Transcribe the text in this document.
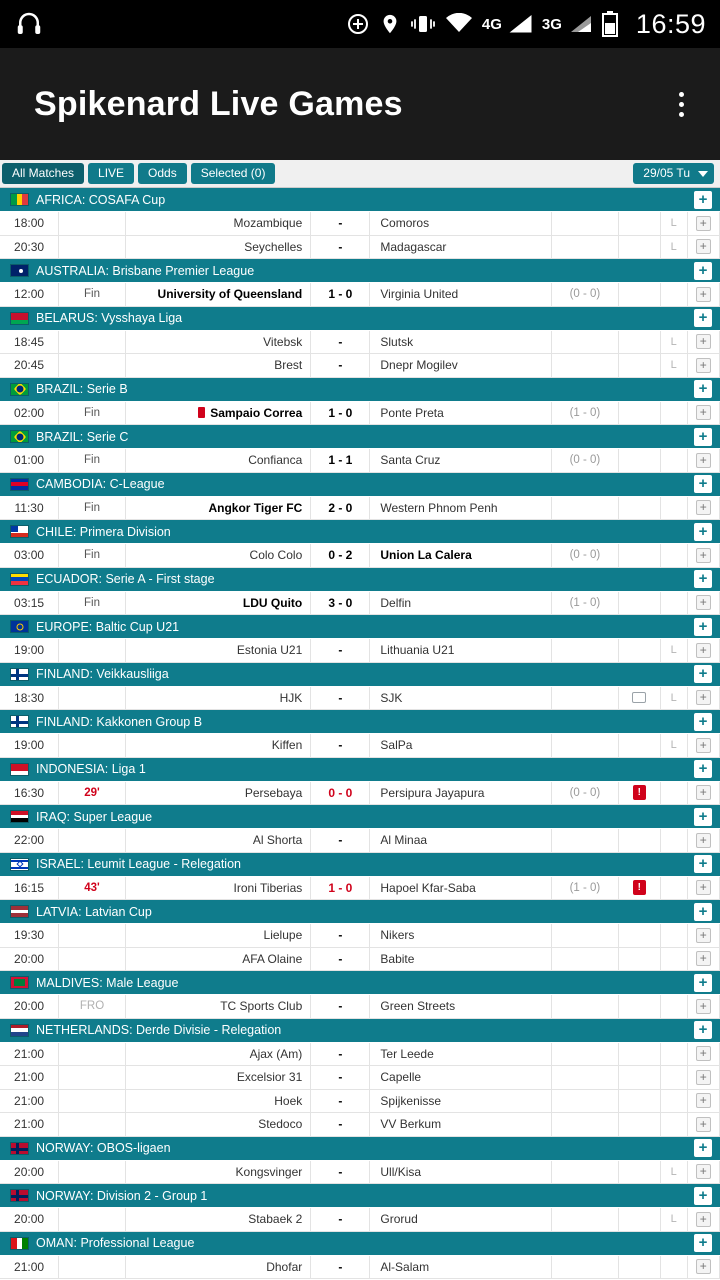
4G	3G	16:59
Spikenard Live Games
All Matches	LIVE	Odds	Selected (0)	29/05 Tu
AFRICA: COSAFA Cup	+
18:00	Mozambique	-	Comoros	L	+
20:30	Seychelles	-	Madagascar	L	+
AUSTRALIA: Brisbane Premier League	+
12:00	Fin	University of Queensland	1 - 0	Virginia United	(0 - 0)	+
BELARUS: Vysshaya Liga	+
18:45	Vitebsk	-	Slutsk	L	+
20:45	Brest	-	Dnepr Mogilev	L	+
BRAZIL: Serie B	+
02:00	Fin	Sampaio Correa	1 - 0	Ponte Preta	(1 - 0)	+
BRAZIL: Serie C	+
01:00	Fin	Confianca	1 - 1	Santa Cruz	(0 - 0)	+
CAMBODIA: C-League	+
11:30	Fin	Angkor Tiger FC	2 - 0	Western Phnom Penh	+
CHILE: Primera Division	+
03:00	Fin	Colo Colo	0 - 2	Union La Calera	(0 - 0)	+
ECUADOR: Serie A - First stage	+
03:15	Fin	LDU Quito	3 - 0	Delfin	(1 - 0)	+
EUROPE: Baltic Cup U21	+
19:00	Estonia U21	-	Lithuania U21	L	+
FINLAND: Veikkausliiga	+
18:30	HJK	-	SJK	L	+
FINLAND: Kakkonen Group B	+
19:00	Kiffen	-	SalPa	L	+
INDONESIA: Liga 1	+
16:30	29'	Persebaya	0 - 0	Persipura Jayapura	(0 - 0)	!	+
IRAQ: Super League	+
22:00	Al Shorta	-	Al Minaa	+
ISRAEL: Leumit League - Relegation	+
16:15	43'	Ironi Tiberias	1 - 0	Hapoel Kfar-Saba	(1 - 0)	!	+
LATVIA: Latvian Cup	+
19:30	Lielupe	-	Nikers	+
20:00	AFA Olaine	-	Babite	+
MALDIVES: Male League	+
20:00	FRO	TC Sports Club	-	Green Streets	+
NETHERLANDS: Derde Divisie - Relegation	+
21:00	Ajax (Am)	-	Ter Leede	+
21:00	Excelsior 31	-	Capelle	+
21:00	Hoek	-	Spijkenisse	+
21:00	Stedoco	-	VV Berkum	+
NORWAY: OBOS-ligaen	+
20:00	Kongsvinger	-	Ull/Kisa	L	+
NORWAY: Division 2 - Group 1	+
20:00	Stabaek 2	-	Grorud	L	+
OMAN: Professional League	+
21:00	Dhofar	-	Al-Salam	+
